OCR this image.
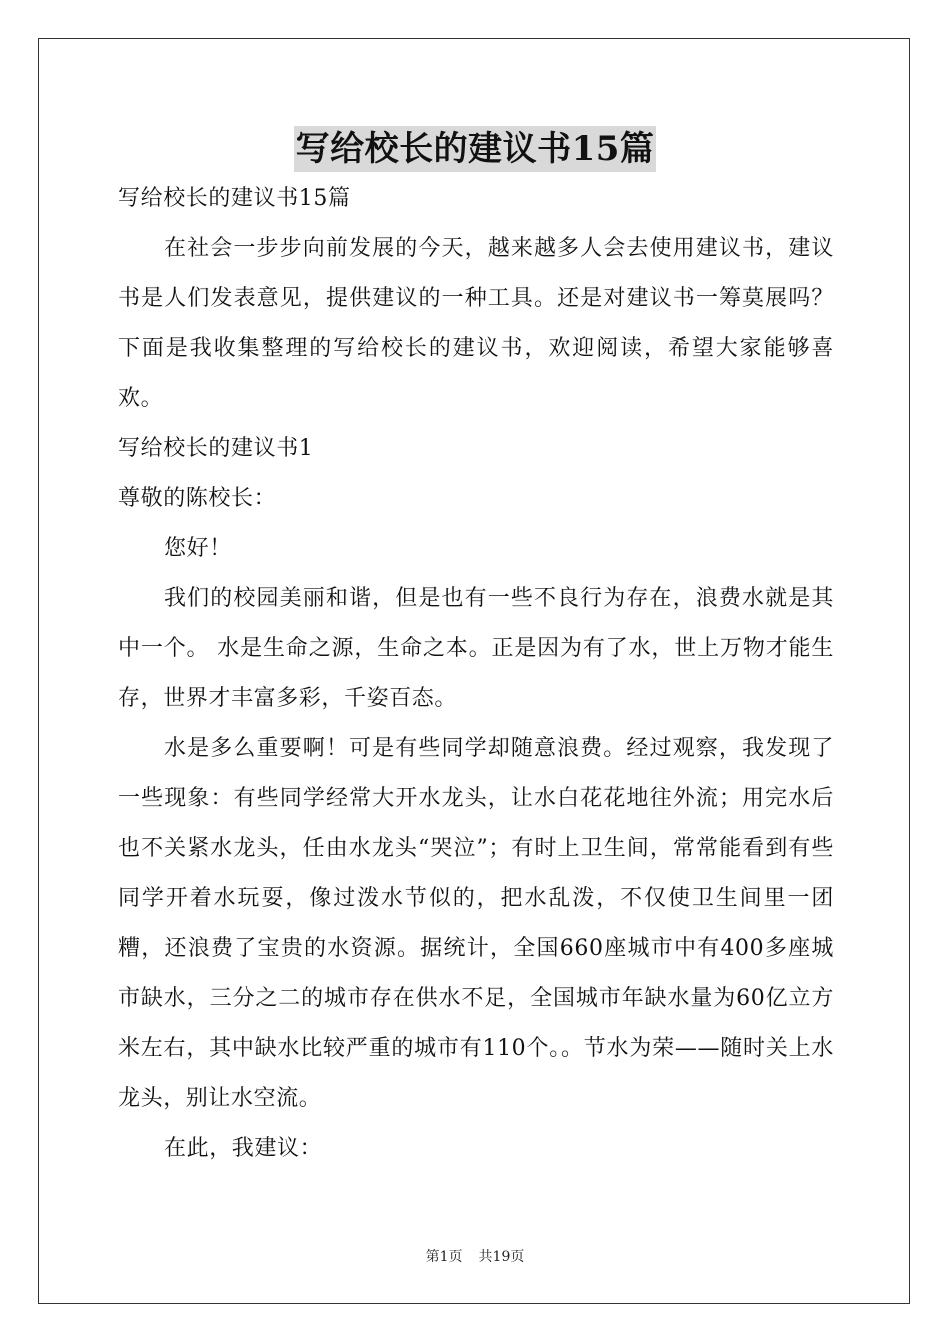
写给校长的建议书15篇

写给校长的建议书15篇

在社会一步步向前发展的今天，越来越多人会去使用建议书，建议书是人们发表意见，提供建议的一种工具。还是对建议书一筹莫展吗？下面是我收集整理的写给校长的建议书，欢迎阅读，希望大家能够喜欢。

写给校长的建议书1

尊敬的陈校长：

您好！

我们的校园美丽和谐，但是也有一些不良行为存在，浪费水就是其中一个。 水是生命之源，生命之本。正是因为有了水，世上万物才能生存，世界才丰富多彩，千姿百态。

水是多么重要啊！可是有些同学却随意浪费。经过观察，我发现了一些现象：有些同学经常大开水龙头，让水白花花地往外流；用完水后也不关紧水龙头，任由水龙头“哭泣”；有时上卫生间，常常能看到有些同学开着水玩耍，像过泼水节似的，把水乱泼，不仅使卫生间里一团糟，还浪费了宝贵的水资源。据统计，全国660座城市中有400多座城市缺水，三分之二的城市存在供水不足，全国城市年缺水量为60亿立方米左右，其中缺水比较严重的城市有110个。。节水为荣——随时关上水龙头，别让水空流。

在此，我建议：

第1页 共19页
